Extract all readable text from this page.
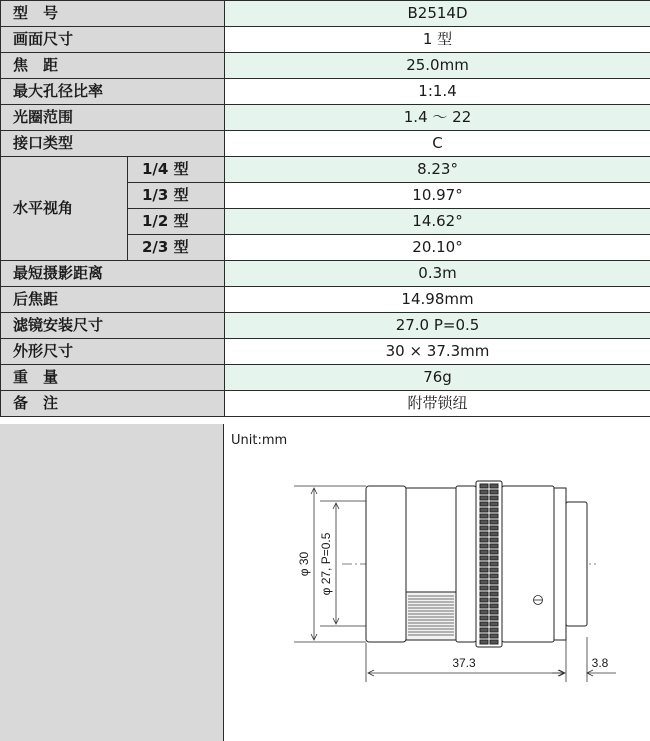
型　号		B2514D
画面尺寸		1 型
焦　距		25.0mm
最大孔径比率		1:1.4
光圈范围		1.4 ～ 22
接口类型		C
水平视角	1/4 型	8.23°
	1/3 型	10.97°
	1/2 型	14.62°
	2/3 型	20.10°
最短摄影距离		0.3m
后焦距		14.98mm
滤镜安装尺寸		27.0 P=0.5
外形尺寸		30 × 37.3mm
重　量		76g
备　注		附带锁纽
Unit:mm
φ 30 φ 27, P=0.5
37.3	3.8
